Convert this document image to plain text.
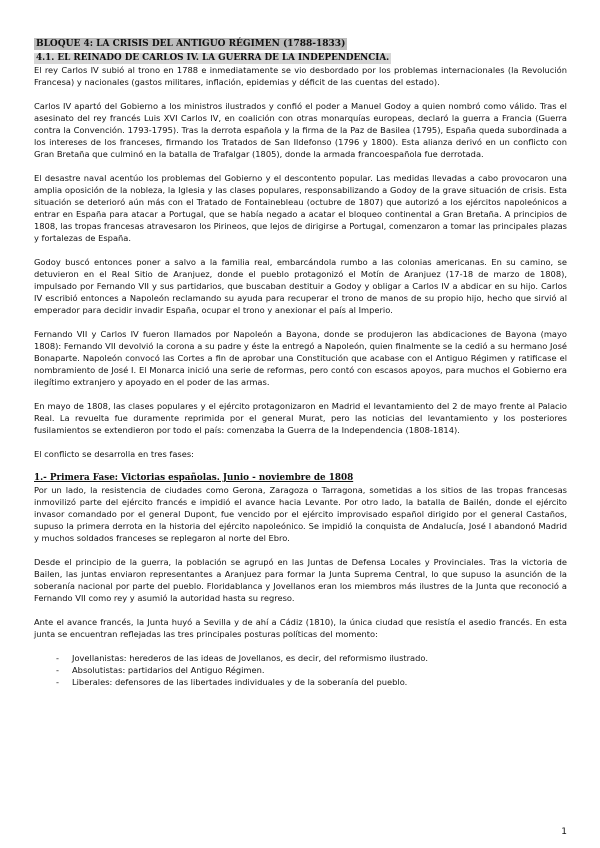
BLOQUE 4: LA CRISIS DEL ANTIGUO RÉGIMEN (1788-1833)
4.1. EL REINADO DE CARLOS IV. LA GUERRA DE LA INDEPENDENCIA.

El rey Carlos IV subió al trono en 1788 e inmediatamente se vio desbordado por los problemas internacionales (la Revolución Francesa) y nacionales (gastos militares, inflación, epidemias y déficit de las cuentas del estado).

Carlos IV apartó del Gobierno a los ministros ilustrados y confió el poder a Manuel Godoy a quien nombró como válido. Tras el asesinato del rey francés Luis XVI Carlos IV, en coalición con otras monarquías europeas, declaró la guerra a Francia (Guerra contra la Convención. 1793-1795). Tras la derrota española y la firma de la Paz de Basilea (1795), España queda subordinada a los intereses de los franceses, firmando los Tratados de San Ildefonso (1796 y 1800). Esta alianza derivó en un conflicto con Gran Bretaña que culminó en la batalla de Trafalgar (1805), donde la armada francoespañola fue derrotada.

El desastre naval acentúo los problemas del Gobierno y el descontento popular. Las medidas llevadas a cabo provocaron una amplia oposición de la nobleza, la Iglesia y las clases populares, responsabilizando a Godoy de la grave situación de crisis. Esta situación se deterioró aún más con el Tratado de Fontainebleau (octubre de 1807) que autorizó a los ejércitos napoleónicos a entrar en España para atacar a Portugal, que se había negado a acatar el bloqueo continental a Gran Bretaña. A principios de 1808, las tropas francesas atravesaron los Pirineos, que lejos de dirigirse a Portugal, comenzaron a tomar las principales plazas y fortalezas de España.

Godoy buscó entonces poner a salvo a la familia real, embarcándola rumbo a las colonias americanas. En su camino, se detuvieron en el Real Sitio de Aranjuez, donde el pueblo protagonizó el Motín de Aranjuez (17-18 de marzo de 1808), impulsado por Fernando VII y sus partidarios, que buscaban destituir a Godoy y obligar a Carlos IV a abdicar en su hijo. Carlos IV escribió entonces a Napoleón reclamando su ayuda para recuperar el trono de manos de su propio hijo, hecho que sirvió al emperador para decidir invadir España, ocupar el trono y anexionar el país al Imperio.

Fernando VII y Carlos IV fueron llamados por Napoleón a Bayona, donde se produjeron las abdicaciones de Bayona (mayo 1808): Fernando VII devolvió la corona a su padre y éste la entregó a Napoleón, quien finalmente se la cedió a su hermano José Bonaparte. Napoleón convocó las Cortes a fin de aprobar una Constitución que acabase con el Antiguo Régimen y ratificase el nombramiento de José I. El Monarca inició una serie de reformas, pero contó con escasos apoyos, para muchos el Gobierno era ilegítimo extranjero y apoyado en el poder de las armas.

En mayo de 1808, las clases populares y el ejército protagonizaron en Madrid el levantamiento del 2 de mayo frente al Palacio Real. La revuelta fue duramente reprimida por el general Murat, pero las noticias del levantamiento y los posteriores fusilamientos se extendieron por todo el país: comenzaba la Guerra de la Independencia (1808-1814).

El conflicto se desarrolla en tres fases:

1.- Primera Fase: Victorias españolas. Junio - noviembre de 1808

Por un lado, la resistencia de ciudades como Gerona, Zaragoza o Tarragona, sometidas a los sitios de las tropas francesas inmovilizó parte del ejército francés e impidió el avance hacia Levante. Por otro lado, la batalla de Bailén, donde el ejército invasor comandado por el general Dupont, fue vencido por el ejército improvisado español dirigido por el general Castaños, supuso la primera derrota en la historia del ejército napoleónico. Se impidió la conquista de Andalucía, José I abandonó Madrid y muchos soldados franceses se replegaron al norte del Ebro.

Desde el principio de la guerra, la población se agrupó en las Juntas de Defensa Locales y Provinciales. Tras la victoria de Bailen, las juntas enviaron representantes a Aranjuez para formar la Junta Suprema Central, lo que supuso la asunción de la soberanía nacional por parte del pueblo. Floridablanca y Jovellanos eran los miembros más ilustres de la Junta que reconoció a Fernando VII como rey y asumió la autoridad hasta su regreso.

Ante el avance francés, la Junta huyó a Sevilla y de ahí a Cádiz (1810), la única ciudad que resistía el asedio francés. En esta junta se encuentran reflejadas las tres principales posturas políticas del momento:

- Jovellanistas: herederos de las ideas de Jovellanos, es decir, del reformismo ilustrado.
- Absolutistas: partidarios del Antiguo Régimen.
- Liberales: defensores de las libertades individuales y de la soberanía del pueblo.
1
